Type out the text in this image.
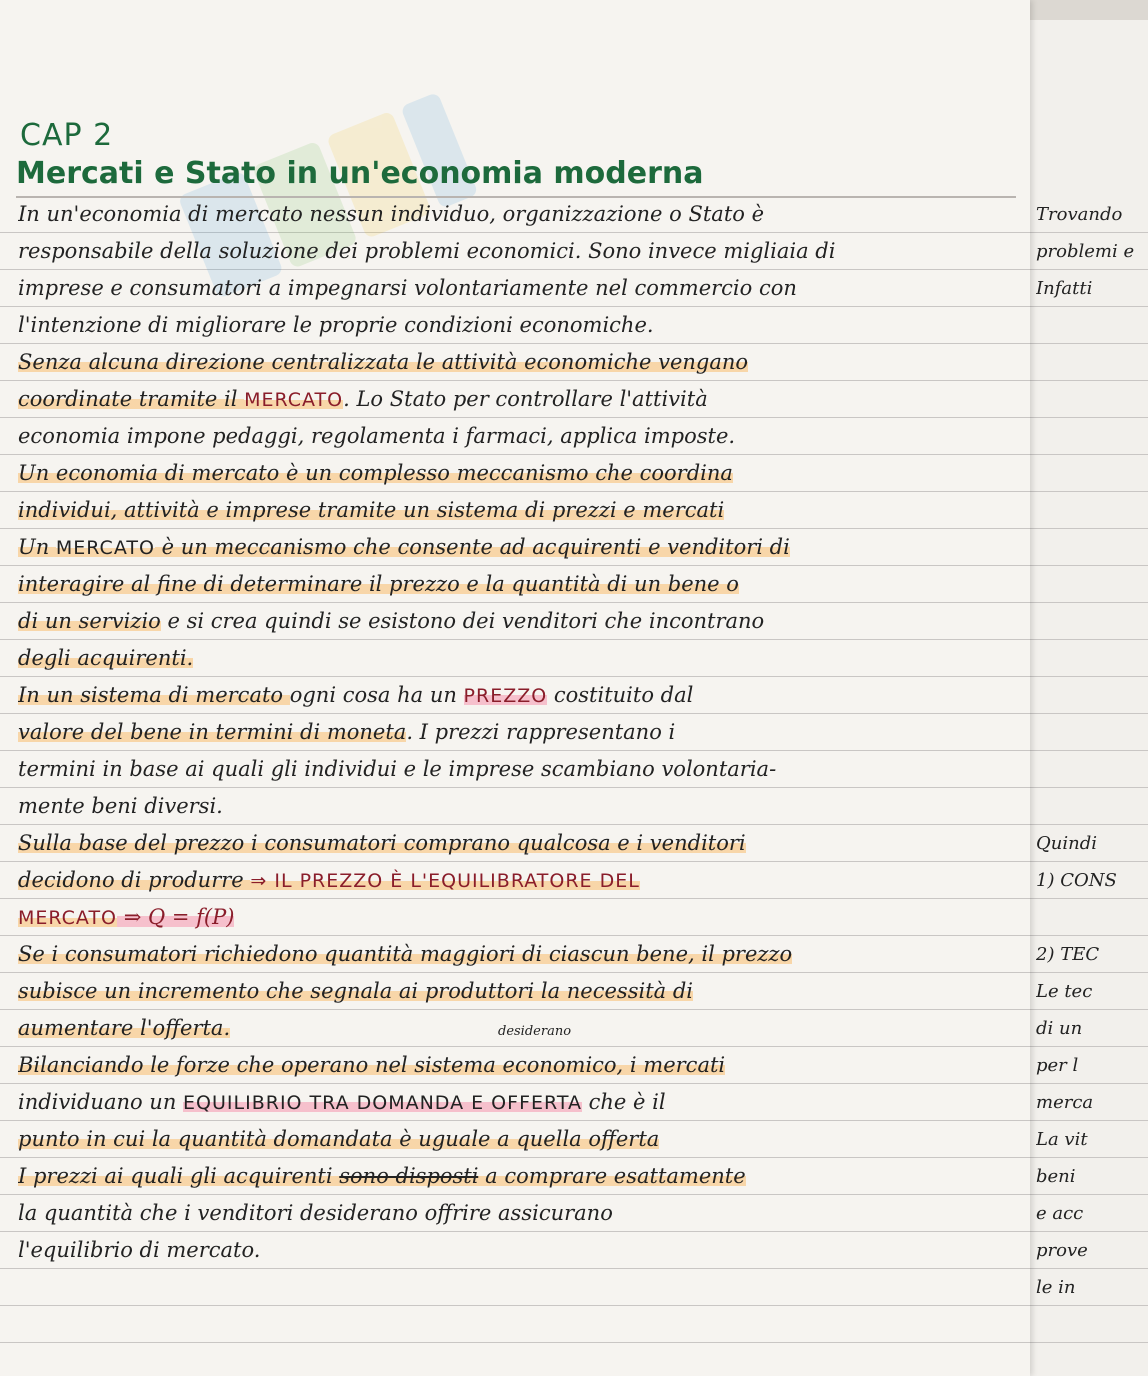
CAP 2
Mercati e Stato in un'economia moderna
In un'economia di mercato nessun individuo, organizzazione o Stato è
responsabile della soluzione dei problemi economici. Sono invece migliaia di
imprese e consumatori a impegnarsi volontariamente nel commercio con
l'intenzione di migliorare le proprie condizioni economiche.
Senza alcuna direzione centralizzata le attività economiche vengano
coordinate tramite il MERCATO. Lo Stato per controllare l'attività
economia impone pedaggi, regolamenta i farmaci, applica imposte.
Un economia di mercato è un complesso meccanismo che coordina
individui, attività e imprese tramite un sistema di prezzi e mercati
Un MERCATO è un meccanismo che consente ad acquirenti e venditori di
interagire al fine di determinare il prezzo e la quantità di un bene o
di un servizio e si crea quindi se esistono dei venditori che incontrano
degli acquirenti.
In un sistema di mercato ogni cosa ha un PREZZO costituito dal
valore del bene in termini di moneta. I prezzi rappresentano i
termini in base ai quali gli individui e le imprese scambiano volontaria-
mente beni diversi.
Sulla base del prezzo i consumatori comprano qualcosa e i venditori
decidono di produrre ⇒ IL PREZZO È L'EQUILIBRATORE DEL
MERCATO ⇒ Q = f(P)
Se i consumatori richiedono quantità maggiori di ciascun bene, il prezzo
subisce un incremento che segnala ai produttori la necessità di
aumentare l'offerta.
Bilanciando le forze che operano nel sistema economico, i mercati
individuano un EQUILIBRIO TRA DOMANDA E OFFERTA che è il
punto in cui la quantità domandata è uguale a quella offerta
I prezzi ai quali gli acquirenti sono disposti a comprare esattamente
la quantità che i venditori desiderano offrire assicurano
l'equilibrio di mercato.
desiderano
Trovando
problemi e
Infatti
Quindi
1) CONS
2) TEC
Le tec
di un
per l
merca
La vit
beni
e acc
prove
le in
